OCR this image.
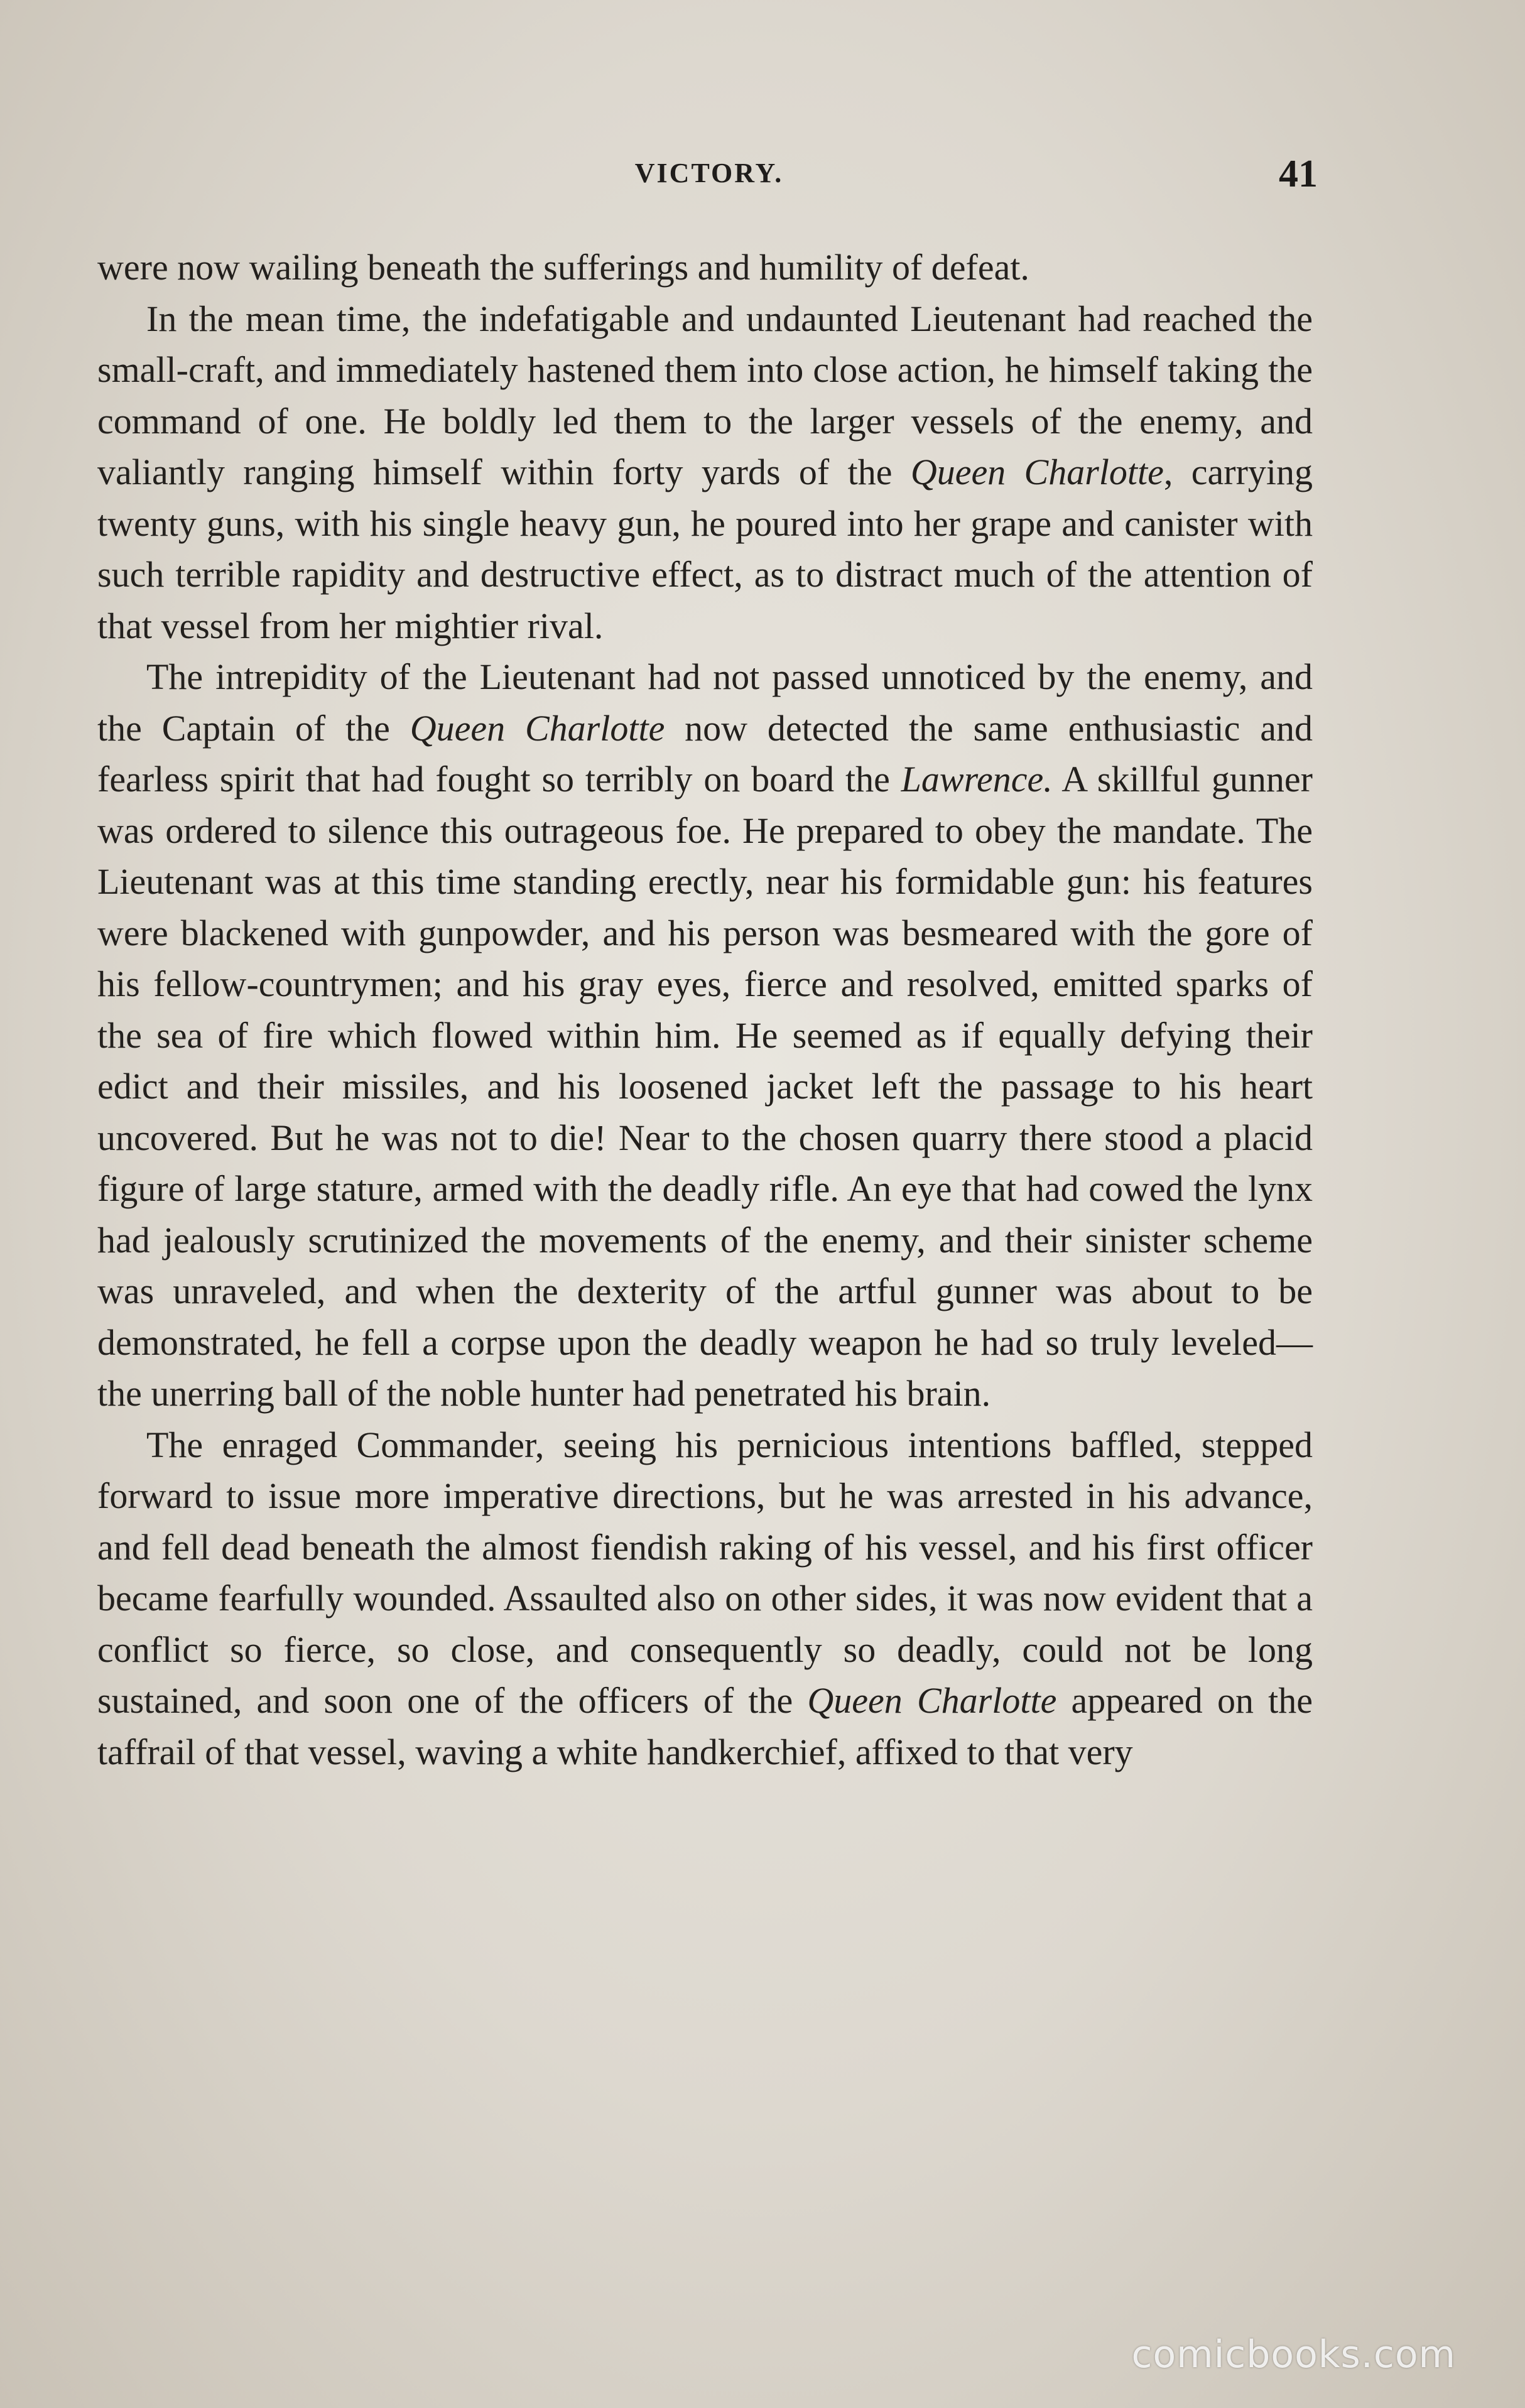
VICTORY.	41

were now wailing beneath the sufferings and humility of defeat.

In the mean time, the indefatigable and undaunted Lieutenant had reached the small-craft, and immediately hastened them into close action, he himself taking the command of one. He boldly led them to the larger vessels of the enemy, and valiantly ranging himself within forty yards of the Queen Charlotte, carrying twenty guns, with his single heavy gun, he poured into her grape and canister with such terrible rapidity and destructive effect, as to distract much of the attention of that vessel from her mightier rival.

The intrepidity of the Lieutenant had not passed unnoticed by the enemy, and the Captain of the Queen Charlotte now detected the same enthusiastic and fearless spirit that had fought so terribly on board the Lawrence. A skillful gunner was ordered to silence this outrageous foe. He prepared to obey the mandate. The Lieutenant was at this time standing erectly, near his formidable gun: his features were blackened with gunpowder, and his person was besmeared with the gore of his fellow-countrymen; and his gray eyes, fierce and resolved, emitted sparks of the sea of fire which flowed within him. He seemed as if equally defying their edict and their missiles, and his loosened jacket left the passage to his heart uncovered. But he was not to die! Near to the chosen quarry there stood a placid figure of large stature, armed with the deadly rifle. An eye that had cowed the lynx had jealously scrutinized the movements of the enemy, and their sinister scheme was unraveled, and when the dexterity of the artful gunner was about to be demonstrated, he fell a corpse upon the deadly weapon he had so truly leveled—the unerring ball of the noble hunter had penetrated his brain.

The enraged Commander, seeing his pernicious intentions baffled, stepped forward to issue more imperative directions, but he was arrested in his advance, and fell dead beneath the almost fiendish raking of his vessel, and his first officer became fearfully wounded. Assaulted also on other sides, it was now evident that a conflict so fierce, so close, and consequently so deadly, could not be long sustained, and soon one of the officers of the Queen Charlotte appeared on the taffrail of that vessel, waving a white handkerchief, affixed to that very

comicbooks.com
